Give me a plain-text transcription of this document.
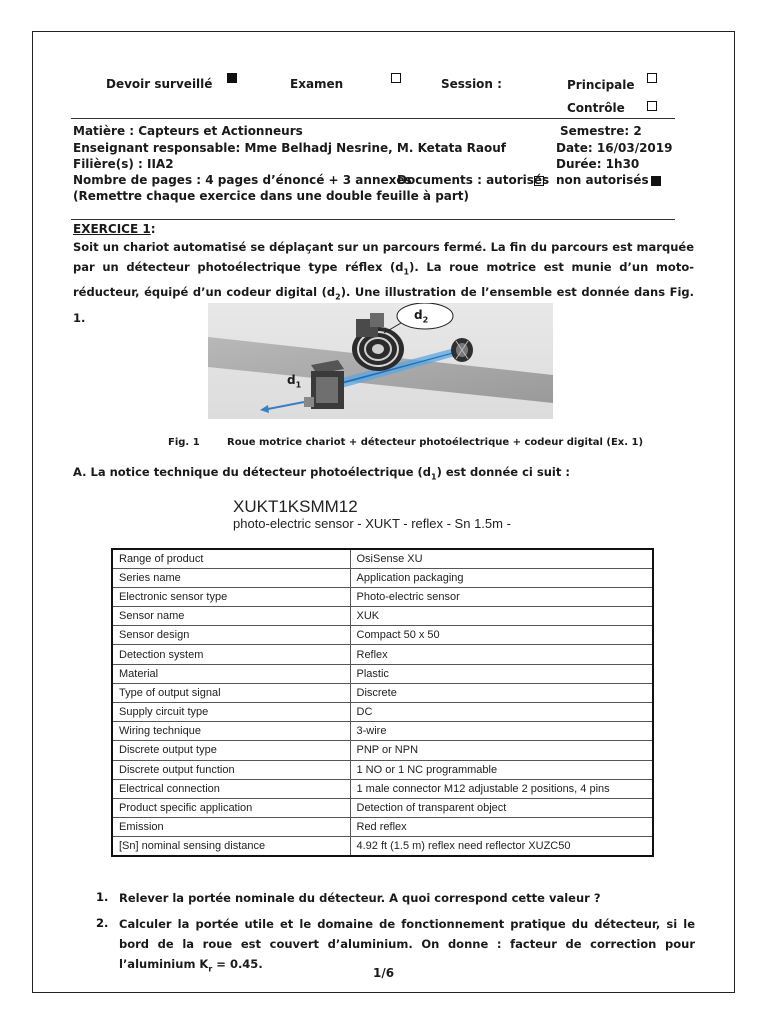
Devoir surveillé	Examen	Session :	Principale
Contrôle
Matière : Capteurs et Actionneurs	Semestre: 2
Enseignant responsable: Mme Belhadj Nesrine, M. Ketata Raouf	Date: 16/03/2019
Filière(s) : IIA2	Durée: 1h30
Nombre de pages : 4 pages d’énoncé + 3 annexes
Documents : autorisés non autorisés
(Remettre chaque exercice dans une double feuille à part)
EXERCICE 1:
Soit un chariot automatisé se déplaçant sur un parcours fermé. La fin du parcours est marquée par un détecteur photoélectrique type réflex $(d_1)$. La roue motrice est munie d’un moto-réducteur, équipé d’un codeur digital $(d_2)$. Une illustration de l’ensemble est donnée dans Fig. 1.	$d_2$
$d_1$
Fig. 1	Roue motrice chariot + détecteur photoélectrique + codeur digital (Ex. 1)
A. La notice technique du détecteur photoélectrique $(d_1)$ est donnée ci suit :
XUKT1KSMM12
photo-electric sensor - XUKT - reflex - Sn 1.5m -
Range of product	OsiSense XU
Series name	Application packaging
Electronic sensor type	Photo-electric sensor
Sensor name	XUK
Sensor design	Compact 50 x 50
Detection system	Reflex
Material	Plastic
Type of output signal	Discrete
Supply circuit type	DC
Wiring technique	3-wire
Discrete output type	PNP or NPN
Discrete output function	1 NO or 1 NC programmable
Electrical connection	1 male connector M12 adjustable 2 positions, 4 pins
Product specific application	Detection of transparent object
Emission	Red reflex
[Sn] nominal sensing distance	4.92 ft (1.5 m) reflex need reflector XUZC50
1. Relever la portée nominale du détecteur. A quoi correspond cette valeur ?
2. Calculer la portée utile et le domaine de fonctionnement pratique du détecteur, si le bord de la roue est couvert d’aluminium. On donne : facteur de correction pour l’aluminium $K_r = 0.45$.
1/6
